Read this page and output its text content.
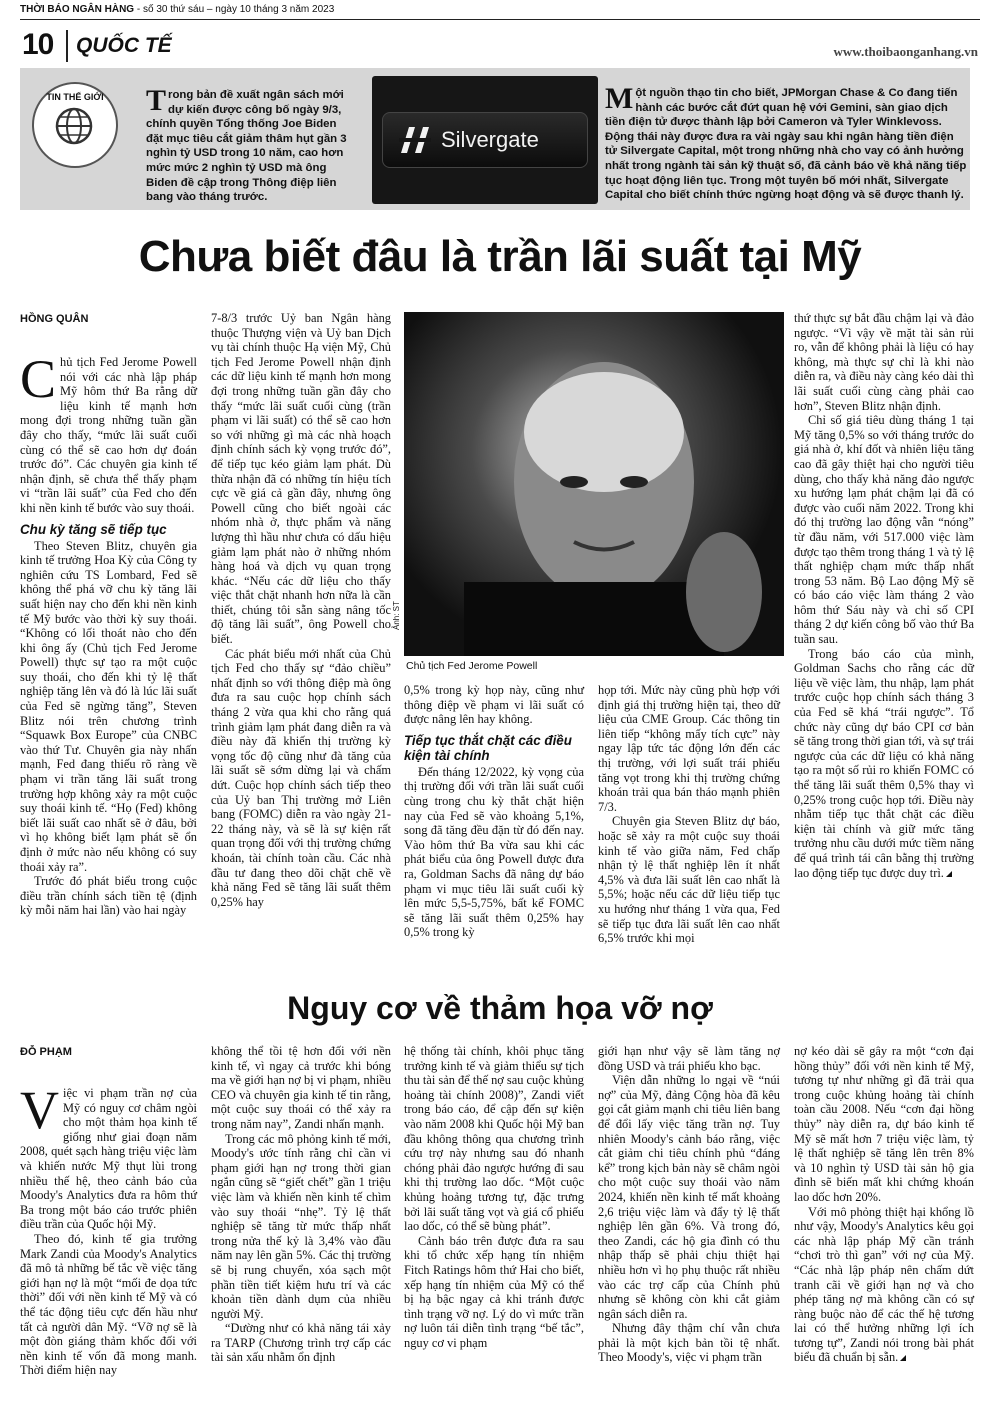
THỜI BÁO NGÂN HÀNG - số 30 thứ sáu – ngày 10 tháng 3 năm 2023
10 QUỐC TẾ	www.thoibaonganhang.vn
TIN THẾ GIỚI	Trong bản đề xuất ngân sách mới dự kiến được công bố ngày 9/3, chính quyền Tổng thống Joe Biden đặt mục tiêu cắt giảm thâm hụt gần 3 nghìn tỷ USD trong 10 năm, cao hơn mức mức 2 nghìn tỷ USD mà ông Biden đề cập trong Thông điệp liên bang vào tháng trước.
Silvergate
Một nguồn thạo tin cho biết, JPMorgan Chase & Co đang tiến hành các bước cắt đứt quan hệ với Gemini, sàn giao dịch tiền điện tử được thành lập bởi Cameron và Tyler Winklevoss. Động thái này được đưa ra vài ngày sau khi ngân hàng tiền điện tử Silvergate Capital, một trong những nhà cho vay có ảnh hưởng nhất trong ngành tài sản kỹ thuật số, đã cảnh báo về khả năng tiếp tục hoạt động liên tục. Trong một tuyên bố mới nhất, Silvergate Capital cho biết chính thức ngừng hoạt động và sẽ được thanh lý.
Chưa biết đâu là trần lãi suất tại Mỹ
HỒNG QUÂN

Chủ tịch Fed Jerome Powell nói với các nhà lập pháp Mỹ hôm thứ Ba rằng dữ liệu kinh tế mạnh hơn mong đợi trong những tuần gần đây cho thấy, “mức lãi suất cuối cùng có thể sẽ cao hơn dự đoán trước đó”. Các chuyên gia kinh tế nhận định, sẽ chưa thể thấy phạm vi “trần lãi suất” của Fed cho đến khi nền kinh tế bước vào suy thoái.

Chu kỳ tăng sẽ tiếp tục

Theo Steven Blitz, chuyên gia kinh tế trưởng Hoa Kỳ của Công ty nghiên cứu TS Lombard, Fed sẽ không thể phá vỡ chu kỳ tăng lãi suất hiện nay cho đến khi nền kinh tế Mỹ bước vào thời kỳ suy thoái. “Không có lối thoát nào cho đến khi ông ấy (Chủ tịch Fed Jerome Powell) thực sự tạo ra một cuộc suy thoái, cho đến khi tỷ lệ thất nghiệp tăng lên và đó là lúc lãi suất của Fed sẽ ngừng tăng”, Steven Blitz nói trên chương trình “Squawk Box Europe” của CNBC vào thứ Tư. Chuyên gia này nhấn mạnh, Fed đang thiếu rõ ràng về phạm vi trần tăng lãi suất trong trường hợp không xảy ra một cuộc suy thoái kinh tế. “Họ (Fed) không biết lãi suất cao nhất sẽ ở đâu, bởi vì họ không biết lạm phát sẽ ổn định ở mức nào nếu không có suy thoái xảy ra”.

Trước đó phát biểu trong cuộc điều trần chính sách tiền tệ (định kỳ mỗi năm hai lần) vào hai ngày

7-8/3 trước Uỷ ban Ngân hàng thuộc Thượng viện và Uỷ ban Dịch vụ tài chính thuộc Hạ viện Mỹ, Chủ tịch Fed Jerome Powell nhận định các dữ liệu kinh tế mạnh hơn mong đợi trong những tuần gần đây cho thấy “mức lãi suất cuối cùng (trần phạm vi lãi suất) có thể sẽ cao hơn so với những gì mà các nhà hoạch định chính sách kỳ vọng trước đó”, để tiếp tục kéo giảm lạm phát. Dù thừa nhận đã có những tín hiệu tích cực về giá cả gần đây, nhưng ông Powell cũng cho biết ngoài các nhóm nhà ở, thực phẩm và năng lượng thì hầu như chưa có dấu hiệu giảm lạm phát nào ở những nhóm hàng hoá và dịch vụ quan trọng khác. “Nếu các dữ liệu cho thấy việc thắt chặt nhanh hơn nữa là cần thiết, chúng tôi sẵn sàng nâng tốc độ tăng lãi suất”, ông Powell cho biết.

Các phát biểu mới nhất của Chủ tịch Fed cho thấy sự “đảo chiều” nhất định so với thông điệp mà ông đưa ra sau cuộc họp chính sách tháng 2 vừa qua khi cho rằng quá trình giảm lạm phát đang diễn ra và điều này đã khiến thị trường kỳ vọng tốc độ cũng như đà tăng của lãi suất sẽ sớm dừng lại và chấm dứt. Cuộc họp chính sách tiếp theo của Uỷ ban Thị trường mở Liên bang (FOMC) diễn ra vào ngày 21-22 tháng này, và sẽ là sự kiện rất quan trọng đối với thị trường chứng khoán, tài chính toàn cầu. Các nhà đầu tư đang theo dõi chặt chẽ về khả năng Fed sẽ tăng lãi suất thêm 0,25% hay

Ảnh: ST
Chủ tịch Fed Jerome Powell

0,5% trong kỳ họp này, cũng như thông điệp về phạm vi lãi suất có được nâng lên hay không.

Tiếp tục thắt chặt các điều kiện tài chính

Đến tháng 12/2022, kỳ vọng của thị trường đối với trần lãi suất cuối cùng trong chu kỳ thắt chặt hiện nay của Fed sẽ vào khoảng 5,1%, song đã tăng đều đặn từ đó đến nay. Vào hôm thứ Ba vừa sau khi các phát biểu của ông Powell được đưa ra, Goldman Sachs đã nâng dự báo phạm vi mục tiêu lãi suất cuối kỳ lên mức 5,5-5,75%, bất kể FOMC sẽ tăng lãi suất thêm 0,25% hay 0,5% trong kỳ

họp tới. Mức này cũng phù hợp với định giá thị trường hiện tại, theo dữ liệu của CME Group. Các thông tin liên tiếp “không mấy tích cực” này ngay lập tức tác động lớn đến các thị trường, với lợi suất trái phiếu tăng vọt trong khi thị trường chứng khoán trải qua bán tháo mạnh phiên 7/3.

Chuyên gia Steven Blitz dự báo, hoặc sẽ xảy ra một cuộc suy thoái kinh tế vào giữa năm, Fed chấp nhận tỷ lệ thất nghiệp lên ít nhất 4,5% và đưa lãi suất lên cao nhất là 5,5%; hoặc nếu các dữ liệu tiếp tục xu hướng như tháng 1 vừa qua, Fed sẽ tiếp tục đưa lãi suất lên cao nhất 6,5% trước khi mọi

thứ thực sự bắt đầu chậm lại và đảo ngược. “Vì vậy về mặt tài sản rủi ro, vẫn để không phải là liệu có hay không, mà thực sự chỉ là khi nào diễn ra, và điều này càng kéo dài thì lãi suất cuối cùng càng phải cao hơn”, Steven Blitz nhận định.

Chỉ số giá tiêu dùng tháng 1 tại Mỹ tăng 0,5% so với tháng trước do giá nhà ở, khí đốt và nhiên liệu tăng cao đã gây thiệt hại cho người tiêu dùng, cho thấy khả năng đảo ngược xu hướng lạm phát chậm lại đã có được vào cuối năm 2022. Trong khi đó thị trường lao động vẫn “nóng” từ đầu năm, với 517.000 việc làm được tạo thêm trong tháng 1 và tỷ lệ thất nghiệp chạm mức thấp nhất trong 53 năm. Bộ Lao động Mỹ sẽ có báo cáo việc làm tháng 2 vào hôm thứ Sáu này và chỉ số CPI tháng 2 dự kiến công bố vào thứ Ba tuần sau.

Trong báo cáo của mình, Goldman Sachs cho rằng các dữ liệu về việc làm, thu nhập, lạm phát trước cuộc họp chính sách tháng 3 của Fed sẽ khá “trái ngược”. Tổ chức này cũng dự báo CPI cơ bản sẽ tăng trong thời gian tới, và sự trái ngược của các dữ liệu có khả năng tạo ra một số rủi ro khiến FOMC có thể tăng lãi suất thêm 0,5% thay vì 0,25% trong cuộc họp tới. Điều này nhằm tiếp tục thắt chặt các điều kiện tài chính và giữ mức tăng trưởng nhu cầu dưới mức tiềm năng để quá trình tái cân bằng thị trường lao động tiếp tục được duy trì.

Nguy cơ về thảm họa vỡ nợ
ĐỖ PHẠM

Việc vi phạm trần nợ của Mỹ có nguy cơ châm ngòi cho một thảm họa kinh tế giống như giai đoạn năm 2008, quét sạch hàng triệu việc làm và khiến nước Mỹ thụt lùi trong nhiều thế hệ, theo cảnh báo của Moody's Analytics đưa ra hôm thứ Ba trong một báo cáo trước phiên điều trần của Quốc hội Mỹ.

Theo đó, kinh tế gia trưởng Mark Zandi của Moody's Analytics đã mô tả những bế tắc về việc tăng giới hạn nợ là một “mối đe dọa tức thời” đối với nền kinh tế Mỹ và có thể tác động tiêu cực đến hầu như tất cả người dân Mỹ. “Vỡ nợ sẽ là một đòn giáng thảm khốc đối với nền kinh tế vốn đã mong manh. Thời điểm hiện nay

không thể tồi tệ hơn đối với nền kinh tế, vì ngay cả trước khi bóng ma về giới hạn nợ bị vi phạm, nhiều CEO và chuyên gia kinh tế tin rằng, một cuộc suy thoái có thể xảy ra trong năm nay”, Zandi nhấn mạnh.

Trong các mô phỏng kinh tế mới, Moody's ước tính rằng chỉ cần vi phạm giới hạn nợ trong thời gian ngắn cũng sẽ “giết chết” gần 1 triệu việc làm và khiến nền kinh tế chìm vào suy thoái “nhẹ”. Tỷ lệ thất nghiệp sẽ tăng từ mức thấp nhất trong nửa thế kỷ là 3,4% vào đầu năm nay lên gần 5%. Các thị trường sẽ bị rung chuyển, xóa sạch một phần tiền tiết kiệm hưu trí và các khoản tiền dành dụm của nhiều người Mỹ.

“Dường như có khả năng tái xảy ra TARP (Chương trình trợ cấp các tài sản xấu nhằm ổn định

hệ thống tài chính, khôi phục tăng trưởng kinh tế và giảm thiểu sự tịch thu tài sản để thế nợ sau cuộc khủng hoảng tài chính 2008)”, Zandi viết trong báo cáo, để cập đến sự kiện vào năm 2008 khi Quốc hội Mỹ ban đầu không thông qua chương trình cứu trợ này nhưng sau đó nhanh chóng phải đảo ngược hướng đi sau khi thị trường lao dốc. “Một cuộc khủng hoảng tương tự, đặc trưng bởi lãi suất tăng vọt và giá cổ phiếu lao dốc, có thể sẽ bùng phát”.

Cảnh báo trên được đưa ra sau khi tổ chức xếp hạng tín nhiệm Fitch Ratings hôm thứ Hai cho biết, xếp hạng tín nhiệm của Mỹ có thể bị hạ bậc ngay cả khi tránh được tình trạng vỡ nợ. Lý do vì mức trần nợ luôn tái diễn tình trạng “bế tắc”, nguy cơ vi phạm

giới hạn như vậy sẽ làm tăng nợ đồng USD và trái phiếu kho bạc.

Viện dẫn những lo ngại về “núi nợ” của Mỹ, đảng Cộng hòa đã kêu gọi cắt giảm mạnh chi tiêu liên bang để đổi lấy việc tăng trần nợ. Tuy nhiên Moody's cảnh báo rằng, việc cắt giảm chi tiêu chính phủ “đáng kể” trong kịch bản này sẽ châm ngòi cho một cuộc suy thoái vào năm 2024, khiến nền kinh tế mất khoảng 2,6 triệu việc làm và đẩy tỷ lệ thất nghiệp lên gần 6%. Và trong đó, theo Zandi, các hộ gia đình có thu nhập thấp sẽ phải chịu thiệt hại nhiều hơn vì họ phụ thuộc rất nhiều vào các trợ cấp của Chính phủ nhưng sẽ không còn khi cắt giảm ngân sách diễn ra.

Nhưng đây thậm chí vẫn chưa phải là một kịch bản tồi tệ nhất. Theo Moody's, việc vi phạm trần

nợ kéo dài sẽ gây ra một “cơn đại hồng thủy” đối với nền kinh tế Mỹ, tương tự như những gì đã trải qua trong cuộc khủng hoảng tài chính toàn cầu 2008. Nếu “cơn đại hồng thủy” này diễn ra, dự báo kinh tế Mỹ sẽ mất hơn 7 triệu việc làm, tỷ lệ thất nghiệp sẽ tăng lên trên 8% và 10 nghìn tỷ USD tài sản hộ gia đình sẽ biến mất khi chứng khoán lao dốc hơn 20%.

Với mô phỏng thiệt hại khổng lồ như vậy, Moody's Analytics kêu gọi các nhà lập pháp Mỹ cần tránh “chơi trò thì gan” với nợ của Mỹ. “Các nhà lập pháp nên chấm dứt tranh cãi về giới hạn nợ và cho phép tăng nợ mà không cần có sự ràng buộc nào để các thế hệ tương lai có thể hưởng những lợi ích tương tự”, Zandi nói trong bài phát biểu đã chuẩn bị sẵn.
